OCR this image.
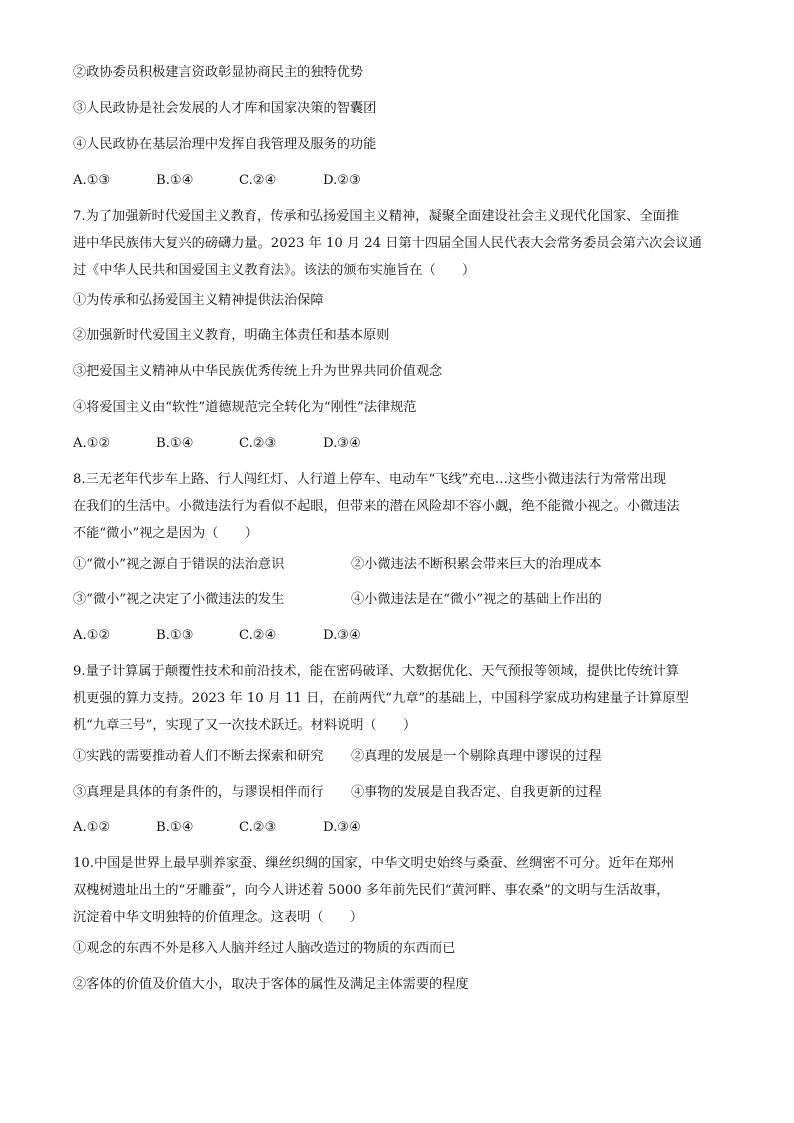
②政协委员积极建言资政彰显协商民主的独特优势
③人民政协是社会发展的人才库和国家决策的智囊团
④人民政协在基层治理中发挥自我管理及服务的功能
A.①③	B.①④	C.②④	D.②③
7.为了加强新时代爱国主义教育，传承和弘扬爱国主义精神，凝聚全面建设社会主义现代化国家、全面推
进中华民族伟大复兴的磅礴力量。2023 年 10 月 24 日第十四届全国人民代表大会常务委员会第六次会议通
过《中华人民共和国爱国主义教育法》。该法的颁布实施旨在（　　）
①为传承和弘扬爱国主义精神提供法治保障
②加强新时代爱国主义教育，明确主体责任和基本原则
③把爱国主义精神从中华民族优秀传统上升为世界共同价值观念
④将爱国主义由“软性”道德规范完全转化为“刚性”法律规范
A.①②	B.①④	C.②③	D.③④
8.三无老年代步车上路、行人闯红灯、人行道上停车、电动车“飞线”充电…这些小微违法行为常常出现
在我们的生活中。小微违法行为看似不起眼，但带来的潜在风险却不容小觑，绝不能微小视之。小微违法
不能“微小”视之是因为（　　）
①“微小”视之源自于错误的法治意识	②小微违法不断积累会带来巨大的治理成本
③“微小”视之决定了小微违法的发生	④小微违法是在“微小”视之的基础上作出的
A.①②	B.①③	C.②④	D.③④
9.量子计算属于颠覆性技术和前沿技术，能在密码破译、大数据优化、天气预报等领域，提供比传统计算
机更强的算力支持。2023 年 10 月 11 日，在前两代“九章”的基础上，中国科学家成功构建量子计算原型
机“九章三号”，实现了又一次技术跃迁。材料说明（　　）
①实践的需要推动着人们不断去探索和研究 ②真理的发展是一个剔除真理中谬误的过程
③真理是具体的有条件的，与谬误相伴而行 ④事物的发展是自我否定、自我更新的过程
A.①②	B.①④	C.②③	D.③④
10.中国是世界上最早驯养家蚕、缫丝织绸的国家，中华文明史始终与桑蚕、丝绸密不可分。近年在郑州
双槐树遗址出土的“牙雕蚕”，向今人讲述着 5000 多年前先民们“黄河畔、事农桑”的文明与生活故事，
沉淀着中华文明独特的价值理念。这表明（　　）
①观念的东西不外是移入人脑并经过人脑改造过的物质的东西而已
②客体的价值及价值大小，取决于客体的属性及满足主体需要的程度
